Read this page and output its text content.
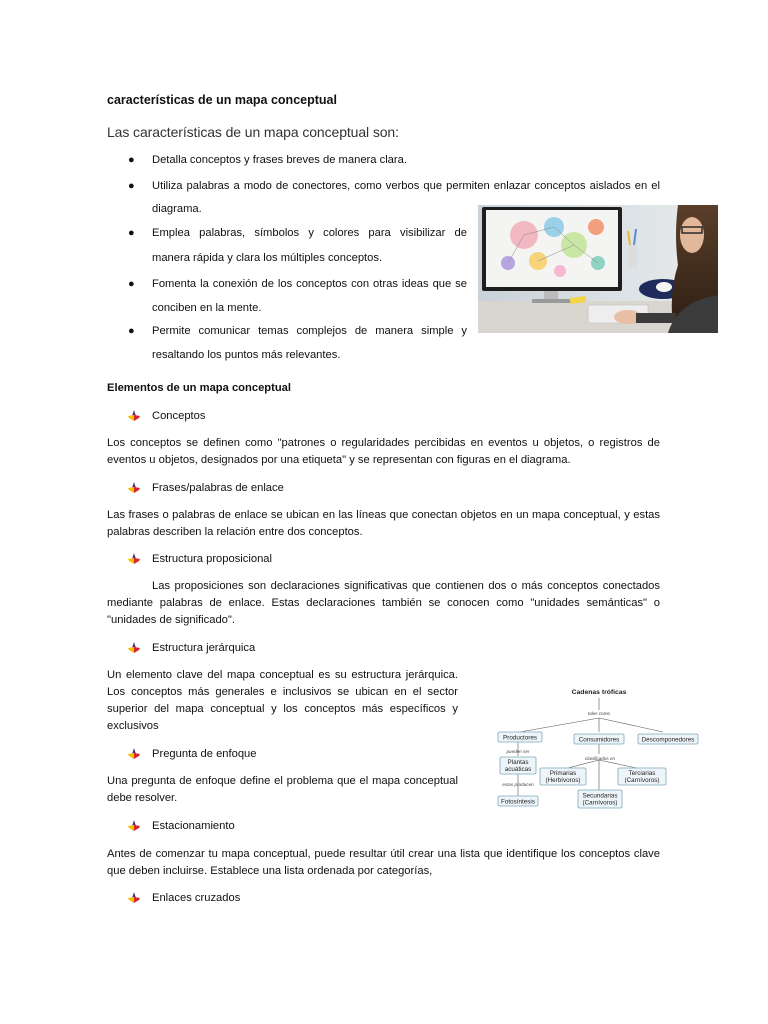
características de un mapa conceptual
Las características de un mapa conceptual son:
● Detalla conceptos y frases breves de manera clara.
● Utiliza palabras a modo de conectores, como verbos que permiten enlazar conceptos aislados en el
diagrama.
● Emplea palabras, símbolos y colores para visibilizar de
manera rápida y clara los múltiples conceptos.
● Fomenta la conexión de los conceptos con otras ideas que se
conciben en la mente.
● Permite comunicar temas complejos de manera simple y
resaltando los puntos más relevantes.
Elementos de un mapa conceptual
Conceptos
Los conceptos se definen como "patrones o regularidades percibidas en eventos u objetos, o registros de eventos u objetos, designados por una etiqueta" y se representan con figuras en el diagrama.
Frases/palabras de enlace
Las frases o palabras de enlace se ubican en las líneas que conectan objetos en un mapa conceptual, y estas palabras describen la relación entre dos conceptos.
Estructura proposicional
Las proposiciones son declaraciones significativas que contienen dos o más conceptos conectados mediante palabras de enlace. Estas declaraciones también se conocen como "unidades semánticas" o "unidades de significado".
Estructura jerárquica
Un elemento clave del mapa conceptual es su estructura jerárquica. Los conceptos más generales e inclusivos se ubican en el sector superior del mapa conceptual y los conceptos más específicos y exclusivos
Pregunta de enfoque
Una pregunta de enfoque define el problema que el mapa conceptual debe resolver.
Estacionamiento
Antes de comenzar tu mapa conceptual, puede resultar útil crear una lista que identifique los conceptos clave que deben incluirse. Establece una lista ordenada por categorías,
Enlaces cruzados
Cadenas tróficas
tales como
pueden ser
clasificados en
estas producen
Productores	Consumidores	Descomponedores
Plantas
acuáticas
Fotosíntesis
Primarias
(Herbívoros)
Terciarias
(Carnívoros)
Secundarias
(Carnívoros)
